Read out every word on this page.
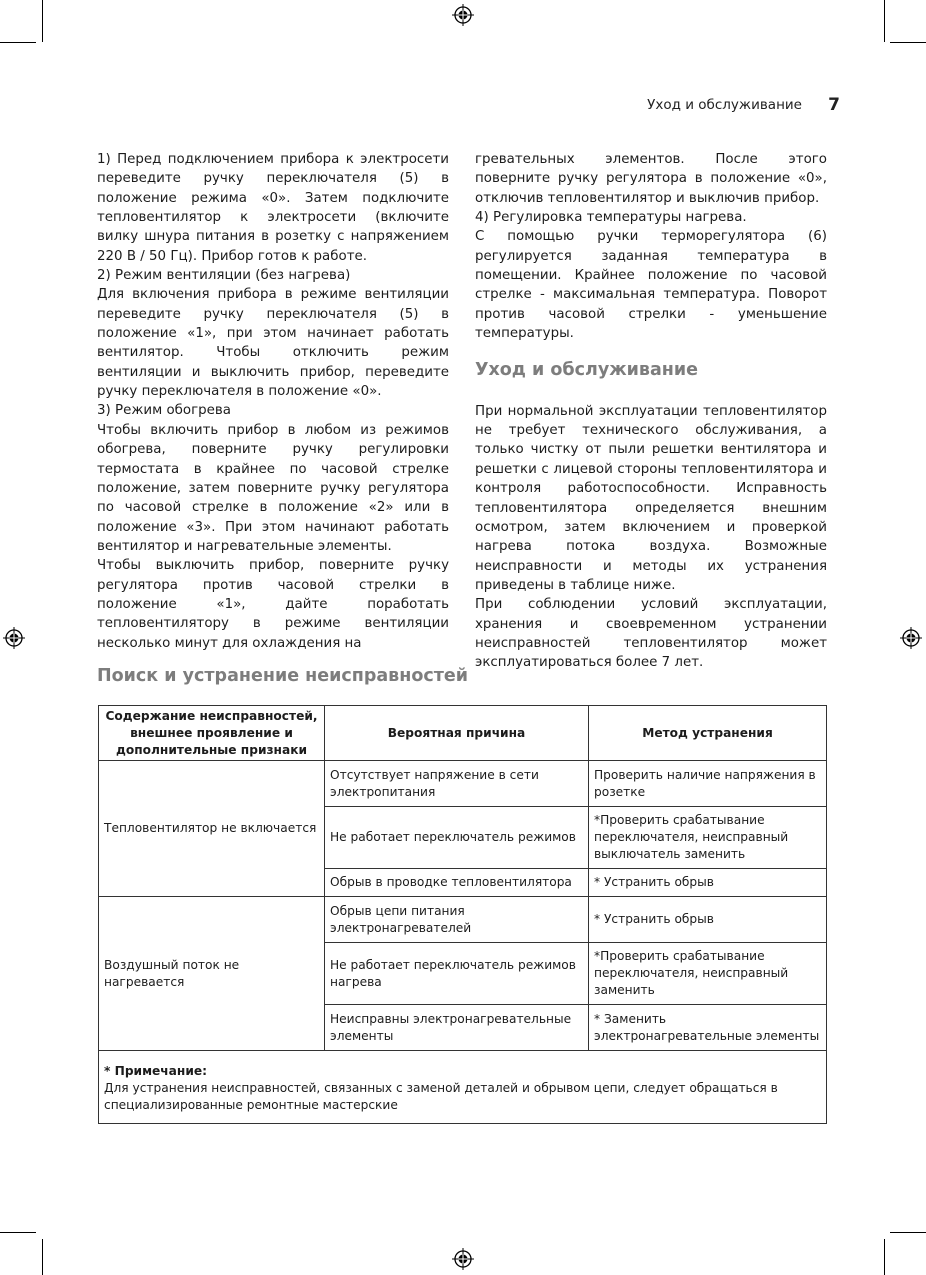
Уход и обслуживание 7

1) Перед подключением прибора к электросети переведите ручку переключателя (5) в положение режима «0». Затем подключите тепловентилятор к электросети (включите вилку шнура питания в розетку с напряжением 220 В / 50 Гц). Прибор готов к работе.

2) Режим вентиляции (без нагрева)

Для включения прибора в режиме вентиляции переведите ручку переключателя (5) в положение «1», при этом начинает работать вентилятор. Чтобы отключить режим вентиляции и выключить прибор, переведите ручку переключателя в положение «0».

3) Режим обогрева

Чтобы включить прибор в любом из режимов обогрева, поверните ручку регулировки термостата в крайнее по часовой стрелке положение, затем поверните ручку регулятора по часовой стрелке в положение «2» или в положение «3». При этом начинают работать вентилятор и нагревательные элементы.

Чтобы выключить прибор, поверните ручку регулятора против часовой стрелки в положение «1», дайте поработать тепловентилятору в режиме вентиляции несколько минут для охлаждения на

гревательных элементов. После этого поверните ручку регулятора в положение «0», отключив тепловентилятор и выключив прибор.

4) Регулировка температуры нагрева.

С помощью ручки терморегулятора (6) регулируется заданная температура в помещении. Крайнее положение по часовой стрелке - максимальная температура. Поворот против часовой стрелки - уменьшение температуры.

Уход и обслуживание

При нормальной эксплуатации тепловентилятор не требует технического обслуживания, а только чистку от пыли решетки вентилятора и решетки с лицевой стороны тепловентилятора и контроля работоспособности. Исправность тепловентилятора определяется внешним осмотром, затем включением и проверкой нагрева потока воздуха. Возможные неисправности и методы их устранения приведены в таблице ниже.

При соблюдении условий эксплуатации, хранения и своевременном устранении неисправностей тепловентилятор может эксплуатироваться более 7 лет.

Поиск и устранение неисправностей
Содержание неисправностей, внешнее проявление и дополнительные признаки	Вероятная причина	Метод устранения
Тепловентилятор не включается	Отсутствует напряжение в сети электропитания	Проверить наличие напряжения в розетке
	Не работает переключатель режимов	*Проверить срабатывание переключателя, неисправный выключатель заменить
	Обрыв в проводке тепловентилятора	* Устранить обрыв
Воздушный поток не нагревается	Обрыв цепи питания электронагревателей	* Устранить обрыв
	Не работает переключатель режимов нагрева	*Проверить срабатывание переключателя, неисправный заменить
	Неисправны электронагревательные элементы	* Заменить электронагревательные элементы

* Примечание:
Для устранения неисправностей, связанных с заменой деталей и обрывом цепи, следует обращаться в специализированные ремонтные мастерские		
